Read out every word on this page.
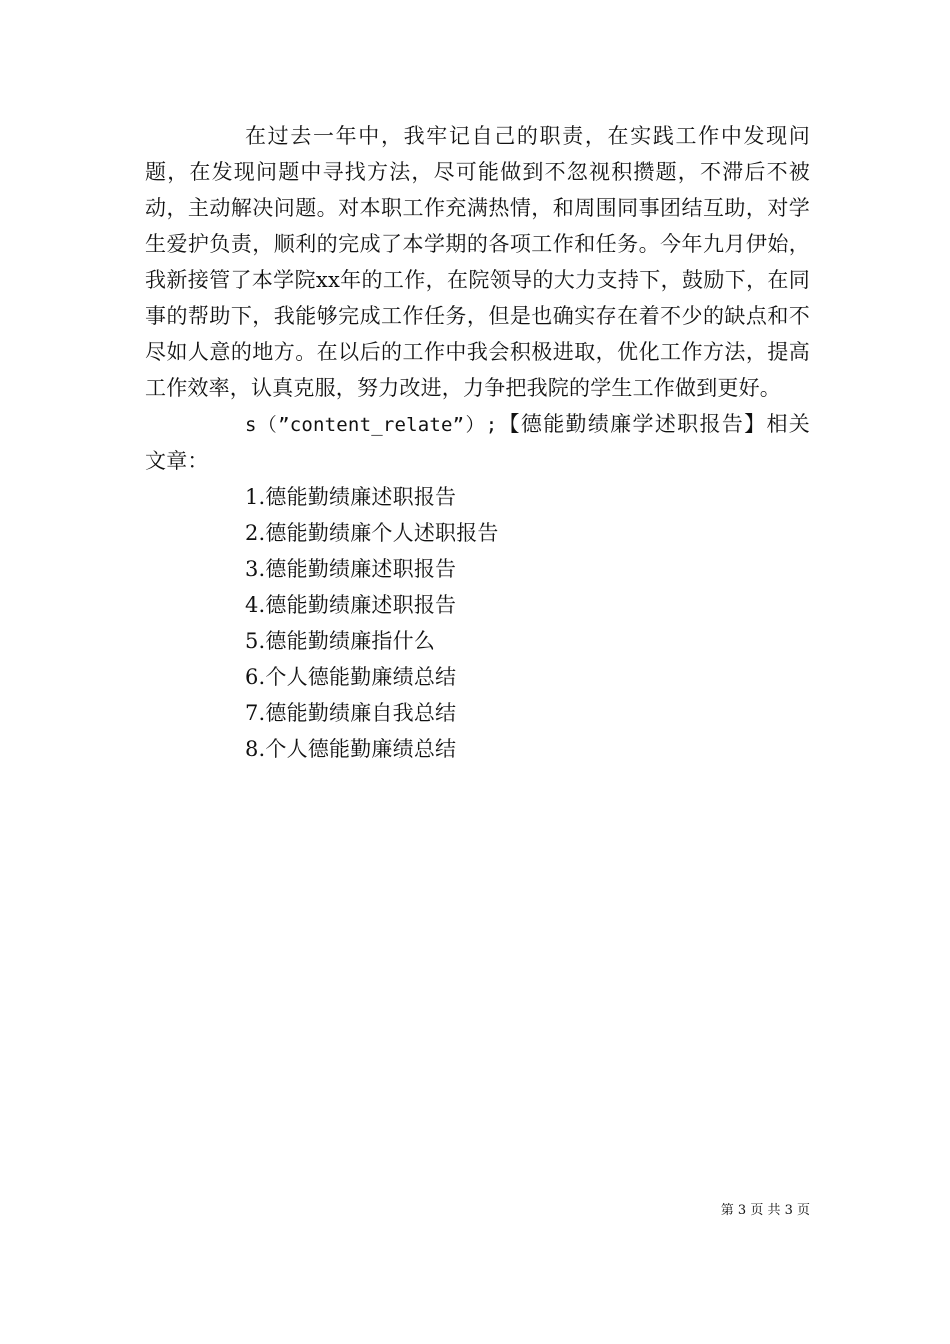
在过去一年中，我牢记自己的职责，在实践工作中发现问题，在发现问题中寻找方法，尽可能做到不忽视积攒题，不滞后不被动，主动解决问题。对本职工作充满热情，和周围同事团结互助，对学生爱护负责，顺利的完成了本学期的各项工作和任务。今年九月伊始，我新接管了本学院xx年的工作，在院领导的大力支持下，鼓励下，在同事的帮助下，我能够完成工作任务，但是也确实存在着不少的缺点和不尽如人意的地方。在以后的工作中我会积极进取，优化工作方法，提高工作效率，认真克服，努力改进，力争把我院的学生工作做到更好。

s（”content_relate”）;【德能勤绩廉学述职报告】相关文章：

1.德能勤绩廉述职报告
2.德能勤绩廉个人述职报告
3.德能勤绩廉述职报告
4.德能勤绩廉述职报告
5.德能勤绩廉指什么
6.个人德能勤廉绩总结
7.德能勤绩廉自我总结
8.个人德能勤廉绩总结
第 3 页 共 3 页
